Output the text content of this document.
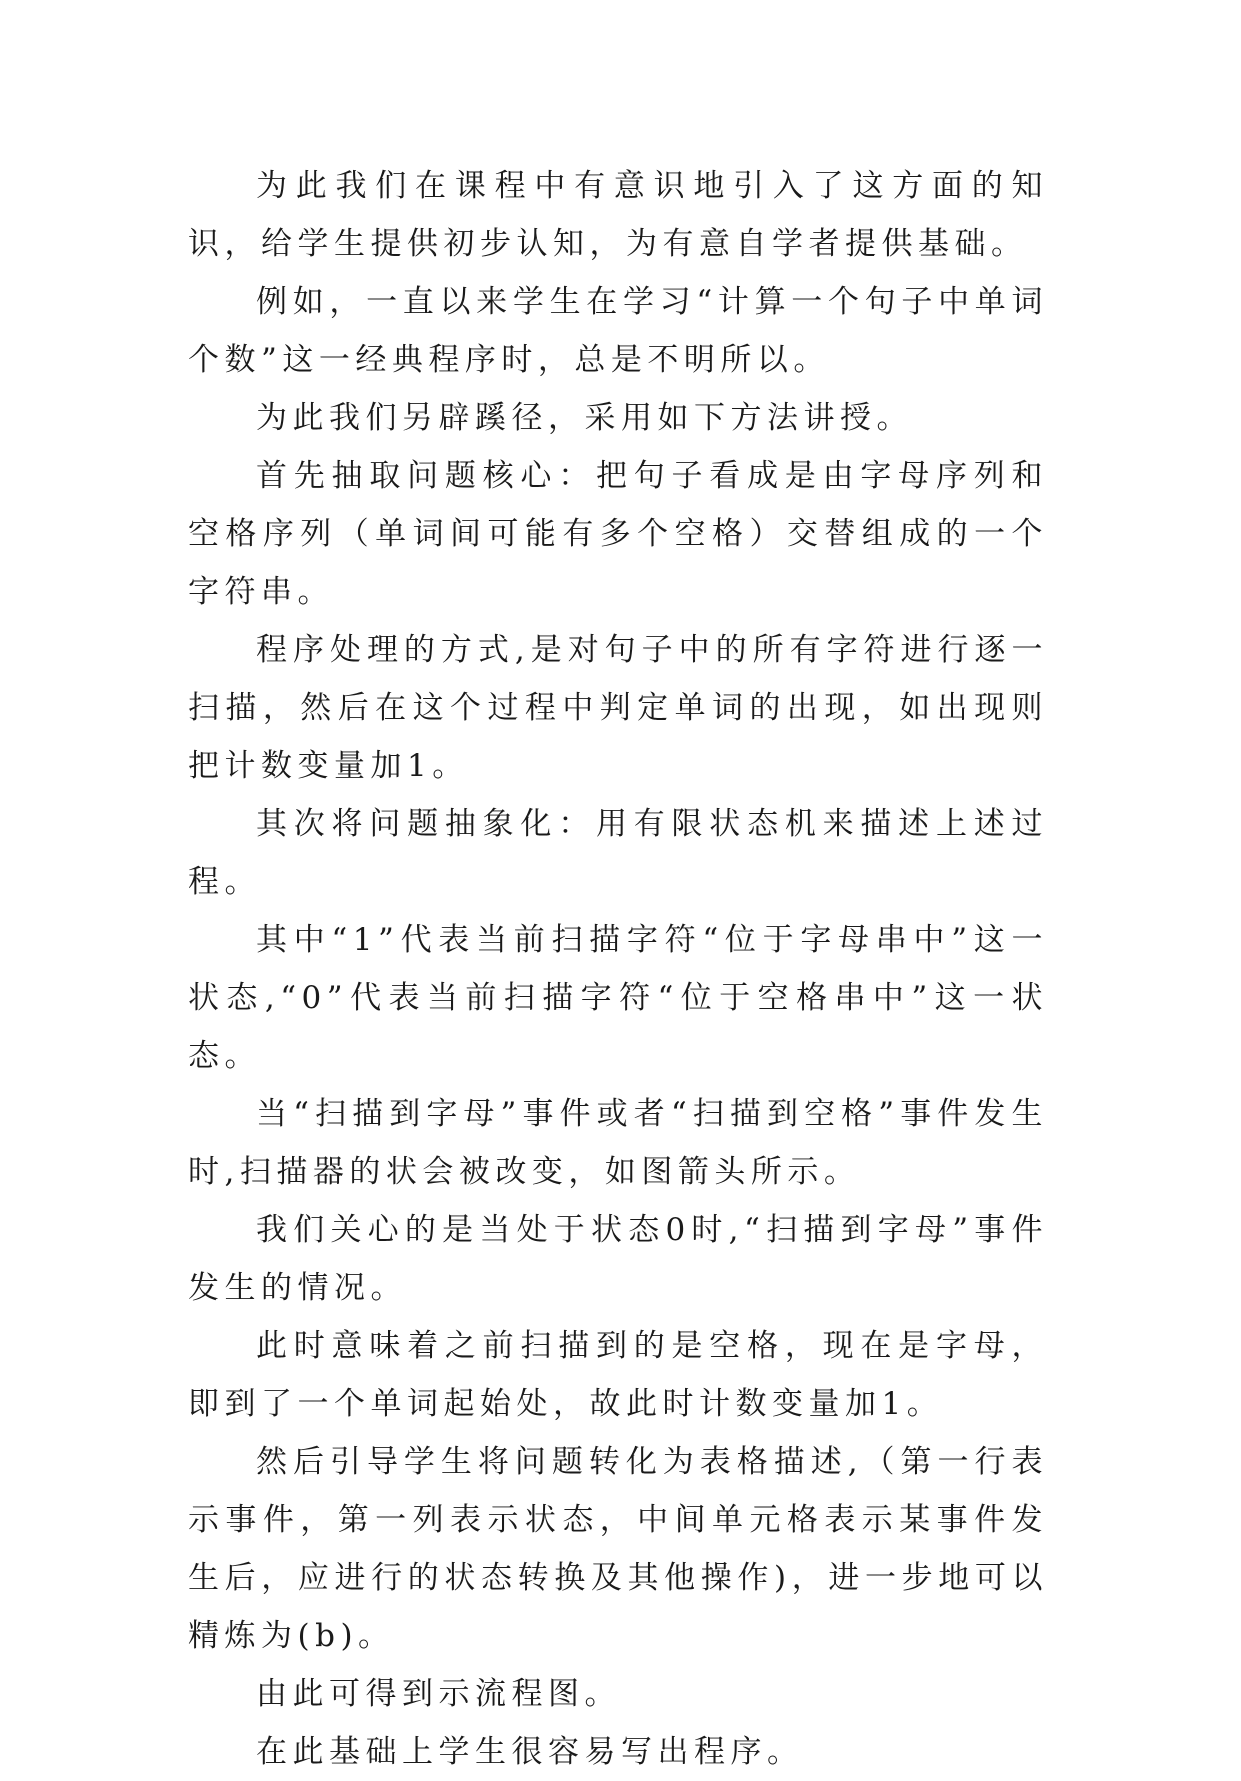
为此我们在课程中有意识地引入了这方面的知识，给学生提供初步认知，为有意自学者提供基础。

例如，一直以来学生在学习“计算一个句子中单词个数”这一经典程序时，总是不明所以。

为此我们另辟蹊径，采用如下方法讲授。

首先抽取问题核心：把句子看成是由字母序列和空格序列（单词间可能有多个空格）交替组成的一个字符串。

程序处理的方式,是对句子中的所有字符进行逐一扫描，然后在这个过程中判定单词的出现，如出现则把计数变量加1。

其次将问题抽象化：用有限状态机来描述上述过程。

其中“1”代表当前扫描字符“位于字母串中”这一状态,“0”代表当前扫描字符“位于空格串中”这一状态。

当“扫描到字母”事件或者“扫描到空格”事件发生时,扫描器的状会被改变，如图箭头所示。

我们关心的是当处于状态0时,“扫描到字母”事件发生的情况。

此时意味着之前扫描到的是空格，现在是字母，即到了一个单词起始处，故此时计数变量加1。

然后引导学生将问题转化为表格描述,（第一行表示事件，第一列表示状态，中间单元格表示某事件发生后，应进行的状态转换及其他操作)，进一步地可以精炼为(b)。

由此可得到示流程图。

在此基础上学生很容易写出程序。
